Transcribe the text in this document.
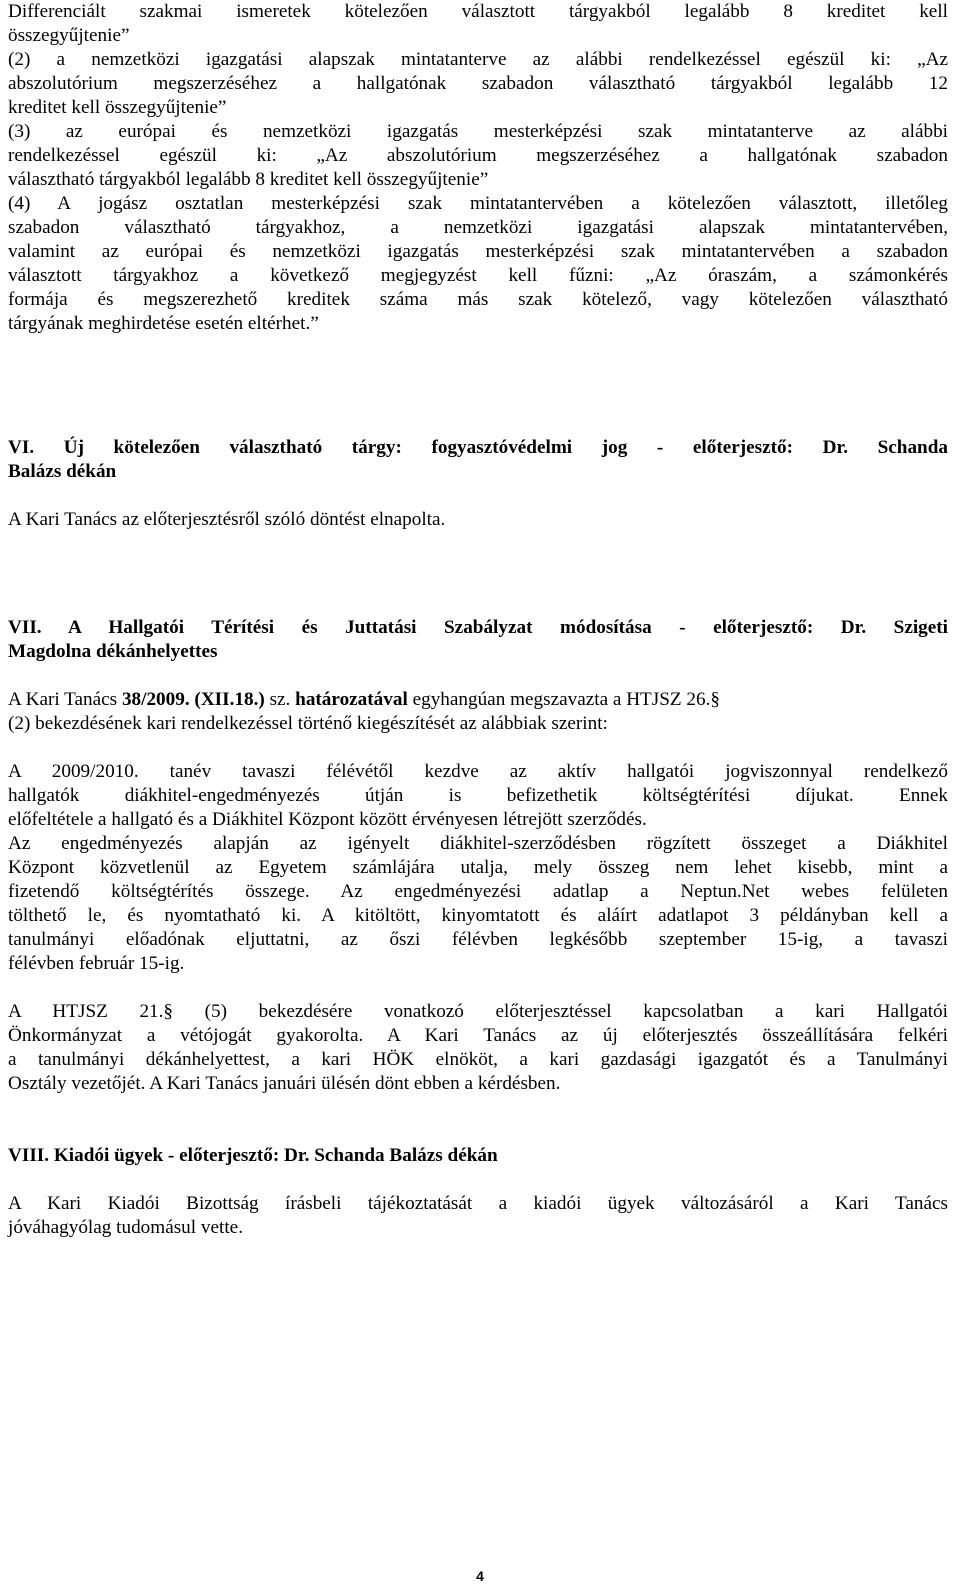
Differenciált szakmai ismeretek kötelezően választott tárgyakból legalább 8 kreditet kell
összegyűjtenie”
(2) a nemzetközi igazgatási alapszak mintatanterve az alábbi rendelkezéssel egészül ki: „Az
abszolutórium megszerzéséhez a hallgatónak szabadon választható tárgyakból legalább 12
kreditet kell összegyűjtenie”
(3) az európai és nemzetközi igazgatás mesterképzési szak mintatanterve az alábbi
rendelkezéssel egészül ki: „Az abszolutórium megszerzéséhez a hallgatónak szabadon
választható tárgyakból legalább 8 kreditet kell összegyűjtenie”
(4) A jogász osztatlan mesterképzési szak mintatantervében a kötelezően választott, illetőleg
szabadon választható tárgyakhoz, a nemzetközi igazgatási alapszak mintatantervében,
valamint az európai és nemzetközi igazgatás mesterképzési szak mintatantervében a szabadon
választott tárgyakhoz a következő megjegyzést kell fűzni: „Az óraszám, a számonkérés
formája és megszerezhető kreditek száma más szak kötelező, vagy kötelezően választható
tárgyának meghirdetése esetén eltérhet.”
VI. Új kötelezően választható tárgy: fogyasztóvédelmi jog - előterjesztő: Dr. Schanda
Balázs dékán
A Kari Tanács az előterjesztésről szóló döntést elnapolta.
VII. A Hallgatói Térítési és Juttatási Szabályzat módosítása - előterjesztő: Dr. Szigeti
Magdolna dékánhelyettes
A Kari Tanács 38/2009. (XII.18.) sz. határozatával egyhangúan megszavazta a HTJSZ 26.§
(2) bekezdésének kari rendelkezéssel történő kiegészítését az alábbiak szerint:
A 2009/2010. tanév tavaszi félévétől kezdve az aktív hallgatói jogviszonnyal rendelkező
hallgatók diákhitel-engedményezés útján is befizethetik költségtérítési díjukat. Ennek
előfeltétele a hallgató és a Diákhitel Központ között érvényesen létrejött szerződés.
Az engedményezés alapján az igényelt diákhitel-szerződésben rögzített összeget a Diákhitel
Központ közvetlenül az Egyetem számlájára utalja, mely összeg nem lehet kisebb, mint a
fizetendő költségtérítés összege. Az engedményezési adatlap a Neptun.Net webes felületen
tölthető le, és nyomtatható ki. A kitöltött, kinyomtatott és aláírt adatlapot 3 példányban kell a
tanulmányi előadónak eljuttatni, az őszi félévben legkésőbb szeptember 15-ig, a tavaszi
félévben február 15-ig.
A HTJSZ 21.§ (5) bekezdésére vonatkozó előterjesztéssel kapcsolatban a kari Hallgatói
Önkormányzat a vétójogát gyakorolta. A Kari Tanács az új előterjesztés összeállítására felkéri
a tanulmányi dékánhelyettest, a kari HÖK elnököt, a kari gazdasági igazgatót és a Tanulmányi
Osztály vezetőjét. A Kari Tanács januári ülésén dönt ebben a kérdésben.
VIII. Kiadói ügyek - előterjesztő: Dr. Schanda Balázs dékán
A Kari Kiadói Bizottság írásbeli tájékoztatását a kiadói ügyek változásáról a Kari Tanács
jóváhagyólag tudomásul vette.
4
